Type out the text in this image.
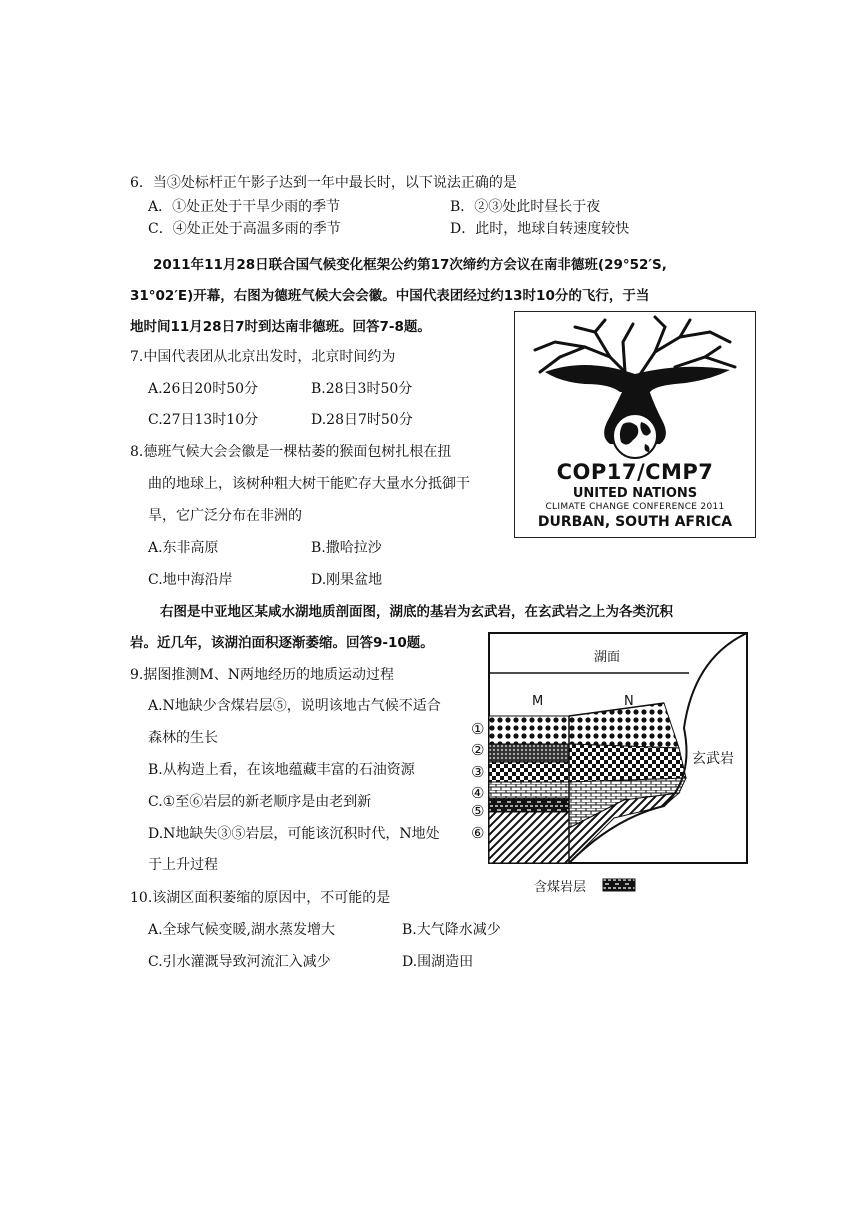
6．当③处标杆正午影子达到一年中最长时，以下说法正确的是
A．①处正处于干旱少雨的季节	B．②③处此时昼长于夜
C．④处正处于高温多雨的季节	D．此时，地球自转速度较快
2011年11月28日联合国气候变化框架公约第17次缔约方会议在南非德班(29°52′S,
31°02′E)开幕，右图为德班气候大会会徽。中国代表团经过约13时10分的飞行，于当
地时间11月28日7时到达南非德班。回答7-8题。
7.中国代表团从北京出发时，北京时间约为
A.26日20时50分	B.28日3时50分
C.27日13时10分	D.28日7时50分
8.德班气候大会会徽是一棵枯萎的猴面包树扎根在扭
曲的地球上，该树种粗大树干能贮存大量水分抵御干
旱，它广泛分布在非洲的
A.东非高原	B.撒哈拉沙
C.地中海沿岸	D.刚果盆地
COP17/CMP7
UNITED NATIONS
CLIMATE CHANGE CONFERENCE 2011
DURBAN, SOUTH AFRICA
右图是中亚地区某咸水湖地质剖面图，湖底的基岩为玄武岩，在玄武岩之上为各类沉积
岩。近几年，该湖泊面积逐渐萎缩。回答9-10题。
9.据图推测M、N两地经历的地质运动过程
A.N地缺少含煤岩层⑤，说明该地古气候不适合
森林的生长
B.从构造上看，在该地蕴藏丰富的石油资源
C.①至⑥岩层的新老顺序是由老到新
D.N地缺失③⑤岩层，可能该沉积时代，N地处
于上升过程
湖面
M	N
玄武岩
①
②
③
④
⑤
⑥
含煤岩层
10.该湖区面积萎缩的原因中，不可能的是
A.全球气候变暖,湖水蒸发增大	B.大气降水减少
C.引水灌溉导致河流汇入减少	D.围湖造田
